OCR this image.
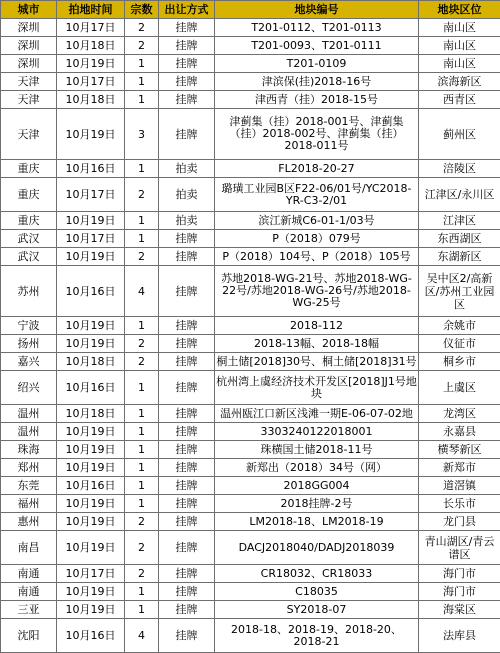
城市	拍地时间	宗数	出让方式	地块编号	地块区位
深圳	10月17日	2	挂牌	T201-0112、T201-0113	南山区
深圳	10月18日	2	挂牌	T201-0093、T201-0111	南山区
深圳	10月19日	1	挂牌	T201-0109	南山区
天津	10月17日	1	挂牌	津滨保(挂)2018-16号	滨海新区
天津	10月18日	1	挂牌	津西青（挂）2018-15号	西青区
天津	10月19日	3	挂牌	津蓟集（挂）2018-001号、津蓟集（挂）2018-002号、津蓟集（挂）2018-011号	蓟州区
重庆	10月16日	1	拍卖	FL2018-20-27	涪陵区
重庆	10月17日	2	拍卖	璐璜工业园B区F22-06/01号/YC2018-YR-C3-2/01	江津区/永川区
重庆	10月19日	1	拍卖	滨江新城C6-01-1/03号	江津区
武汉	10月17日	1	挂牌	P（2018）079号	东西湖区
武汉	10月19日	2	挂牌	P（2018）104号、P（2018）105号	东湖新区
苏州	10月16日	4	挂牌	苏地2018-WG-21号、苏地2018-WG-22号/苏地2018-WG-26号/苏地2018-WG-25号	吴中区2/高新区/苏州工业园区
宁波	10月19日	1	挂牌	2018-112	余姚市
扬州	10月19日	2	挂牌	2018-13幅、2018-18幅	仪征市
嘉兴	10月18日	2	挂牌	桐土储[2018]30号、桐土储[2018]31号	桐乡市
绍兴	10月16日	1	挂牌	杭州湾上虞经济技术开发区[2018]J1号地块	上虞区
温州	10月18日	1	挂牌	温州瓯江口新区浅滩一期E-06-07-02地	龙湾区
温州	10月19日	1	挂牌	3303240122018001	永嘉县
珠海	10月19日	1	挂牌	珠横国土储2018-11号	横琴新区
郑州	10月19日	1	挂牌	新郑出（2018）34号（网）	新郑市
东莞	10月16日	1	挂牌	2018GG004	道滘镇
福州	10月19日	1	挂牌	2018挂牌-2号	长乐市
惠州	10月19日	2	挂牌	LM2018-18、LM2018-19	龙门县
南昌	10月19日	2	挂牌	DACJ2018040/DADJ2018039	青山湖区/青云谱区
南通	10月17日	2	挂牌	CR18032、CR18033	海门市
南通	10月19日	1	挂牌	C18035	海门市
三亚	10月19日	1	挂牌	SY2018-07	海棠区
沈阳	10月16日	4	挂牌	2018-18、2018-19、2018-20、2018-21	法库县
